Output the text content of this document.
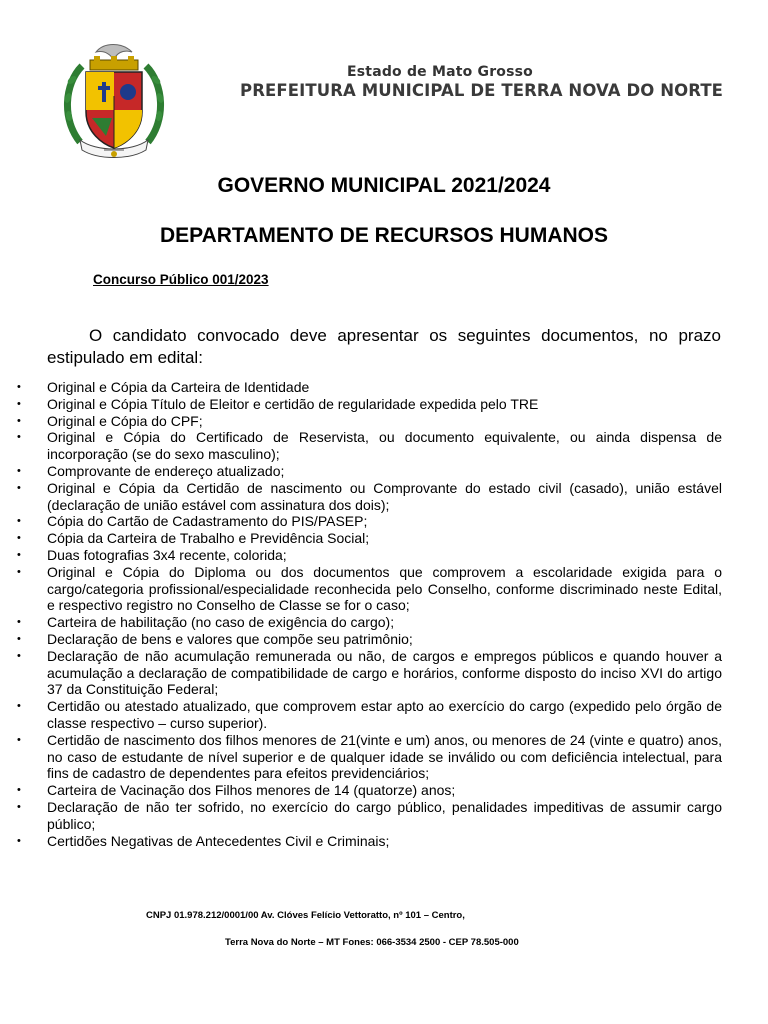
Estado de Mato Grosso

PREFEITURA MUNICIPAL DE TERRA NOVA DO NORTE

GOVERNO MUNICIPAL 2021/2024
DEPARTAMENTO DE RECURSOS HUMANOS

Concurso Público 001/2023

O candidato convocado deve apresentar os seguintes documentos, no prazo estipulado em edital:

•	Original e Cópia da Carteira de Identidade
•	Original e Cópia Título de Eleitor e certidão de regularidade expedida pelo TRE
•	Original e Cópia do CPF;
•	Original e Cópia do Certificado de Reservista, ou documento equivalente, ou ainda dispensa de incorporação (se do sexo masculino);
•	Comprovante de endereço atualizado;
•	Original e Cópia da Certidão de nascimento ou Comprovante do estado civil (casado), união estável (declaração de união estável com assinatura dos dois);
•	Cópia do Cartão de Cadastramento do PIS/PASEP;
•	Cópia da Carteira de Trabalho e Previdência Social;
•	Duas fotografias 3x4 recente, colorida;
•	Original e Cópia do Diploma ou dos documentos que comprovem a escolaridade exigida para o cargo/categoria profissional/especialidade reconhecida pelo Conselho, conforme discriminado neste Edital, e respectivo registro no Conselho de Classe se for o caso;
•	Carteira de habilitação (no caso de exigência do cargo);
•	Declaração de bens e valores que compõe seu patrimônio;
•	Declaração de não acumulação remunerada ou não, de cargos e empregos públicos e quando houver a acumulação a declaração de compatibilidade de cargo e horários, conforme disposto do inciso XVI do artigo 37 da Constituição Federal;
•	Certidão ou atestado atualizado, que comprovem estar apto ao exercício do cargo (expedido pelo órgão de classe respectivo – curso superior).
•	Certidão de nascimento dos filhos menores de 21(vinte e um) anos, ou menores de 24 (vinte e quatro) anos, no caso de estudante de nível superior e de qualquer idade se inválido ou com deficiência intelectual, para fins de cadastro de dependentes para efeitos previdenciários;
•	Carteira de Vacinação dos Filhos menores de 14 (quatorze) anos;
•	Declaração de não ter sofrido, no exercício do cargo público, penalidades impeditivas de assumir cargo público;
•	Certidões Negativas de Antecedentes Civil e Criminais;

CNPJ 01.978.212/0001/00 Av. Clóves Felício Vettoratto, nº 101 – Centro,

Terra Nova do Norte – MT Fones: 066-3534 2500 - CEP 78.505-000
